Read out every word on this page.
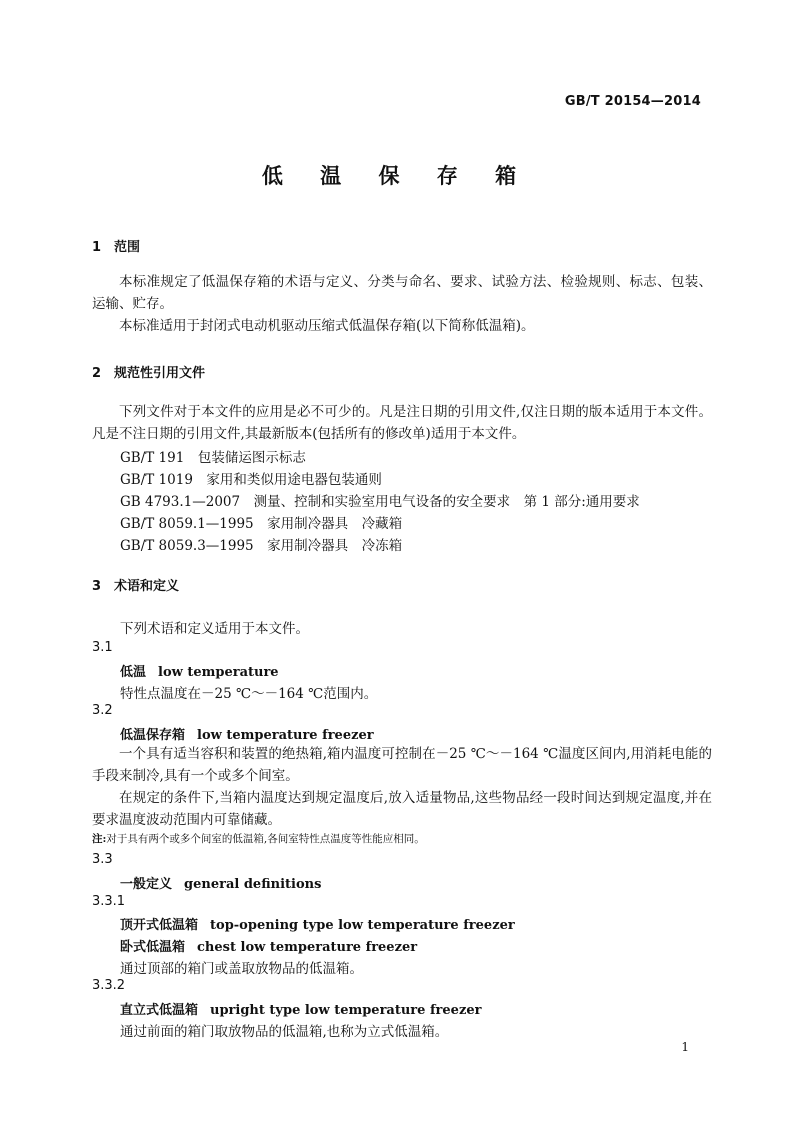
GB/T 20154—2014
低 温 保 存 箱
1 范围
本标准规定了低温保存箱的术语与定义、分类与命名、要求、试验方法、检验规则、标志、包装、运输、贮存。
本标准适用于封闭式电动机驱动压缩式低温保存箱(以下简称低温箱)。
2 规范性引用文件
下列文件对于本文件的应用是必不可少的。凡是注日期的引用文件,仅注日期的版本适用于本文件。凡是不注日期的引用文件,其最新版本(包括所有的修改单)适用于本文件。
GB/T 191　包装储运图示标志
GB/T 1019　家用和类似用途电器包装通则
GB 4793.1—2007　测量、控制和实验室用电气设备的安全要求　第 1 部分:通用要求
GB/T 8059.1—1995　家用制冷器具　冷藏箱
GB/T 8059.3—1995　家用制冷器具　冷冻箱
3 术语和定义
下列术语和定义适用于本文件。
3.1
低温 low temperature
特性点温度在－25 ℃～－164 ℃范围内。
3.2
低温保存箱 low temperature freezer
一个具有适当容积和装置的绝热箱,箱内温度可控制在－25 ℃～－164 ℃温度区间内,用消耗电能的手段来制冷,具有一个或多个间室。
在规定的条件下,当箱内温度达到规定温度后,放入适量物品,这些物品经一段时间达到规定温度,并在要求温度波动范围内可靠储藏。
注:对于具有两个或多个间室的低温箱,各间室特性点温度等性能应相同。
3.3
一般定义 general definitions
3.3.1
顶开式低温箱 top-opening type low temperature freezer
卧式低温箱 chest low temperature freezer
通过顶部的箱门或盖取放物品的低温箱。
3.3.2
直立式低温箱 upright type low temperature freezer
通过前面的箱门取放物品的低温箱,也称为立式低温箱。
1
